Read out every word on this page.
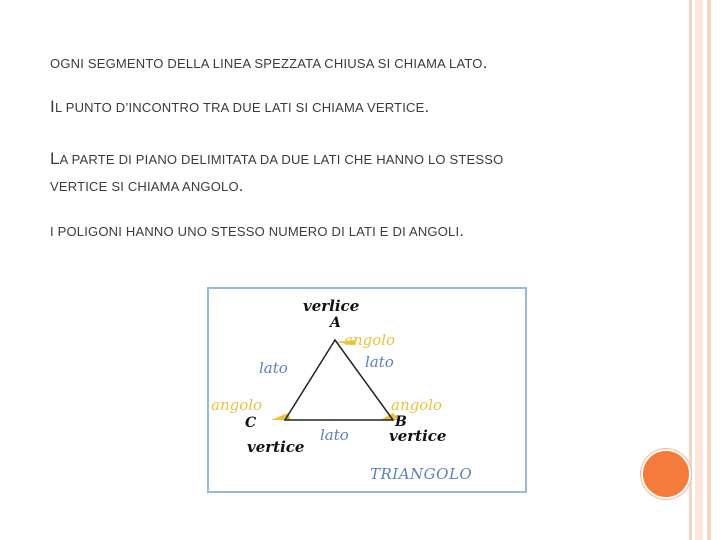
OGNI SEGMENTO DELLA LINEA SPEZZATA CHIUSA SI CHIAMA LATO.
IL PUNTO D’INCONTRO TRA DUE LATI SI CHIAMA VERTICE.
LA PARTE DI PIANO DELIMITATA DA DUE LATI CHE HANNO LO STESSO
VERTICE SI CHIAMA ANGOLO.
I POLIGONI HANNO UNO STESSO NUMERO DI LATI E DI ANGOLI.
verlice
A
angolo
lato
lato
angolo	angolo
C	B
vertice
vertice
lato
TRIANGOLO
